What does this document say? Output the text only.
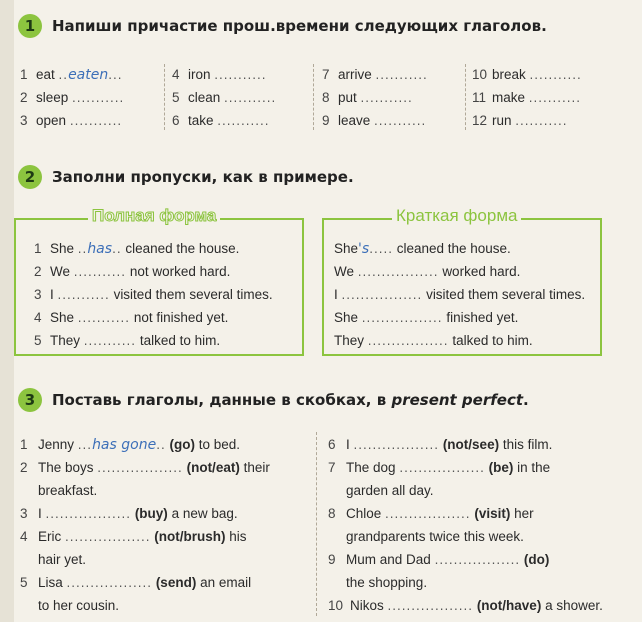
1	Напиши причастие прош.времени следующих глаголов.
1 eat ..eaten...
2 sleep ...........
3 open ...........
4 iron ...........
5 clean ...........
6 take ...........
7 arrive ...........
8 put ...........
9 leave ...........
10 break ...........
11 make ...........
12 run ...........
2	Заполни пропуски, как в примере.
Полная форма
1 She ..has.. cleaned the house.
2 We ........... not worked hard.
3 I ........... visited them several times.
4 She ........... not finished yet.
5 They ........... talked to him.
Краткая форма
She's..... cleaned the house.
We ................. worked hard.
I ................. visited them several times.
She ................. finished yet.
They ................. talked to him.
3	Поставь глаголы, данные в скобках, в present perfect.
1 Jenny ...has gone.. (go) to bed.
2 The boys .................. (not/eat) their
breakfast.
3 I .................. (buy) a new bag.
4 Eric .................. (not/brush) his
hair yet.
5 Lisa .................. (send) an email
to her cousin.
6 I .................. (not/see) this film.
7 The dog .................. (be) in the
garden all day.
8 Chloe .................. (visit) her
grandparents twice this week.
9 Mum and Dad .................. (do)
the shopping.
10 Nikos .................. (not/have) a shower.
